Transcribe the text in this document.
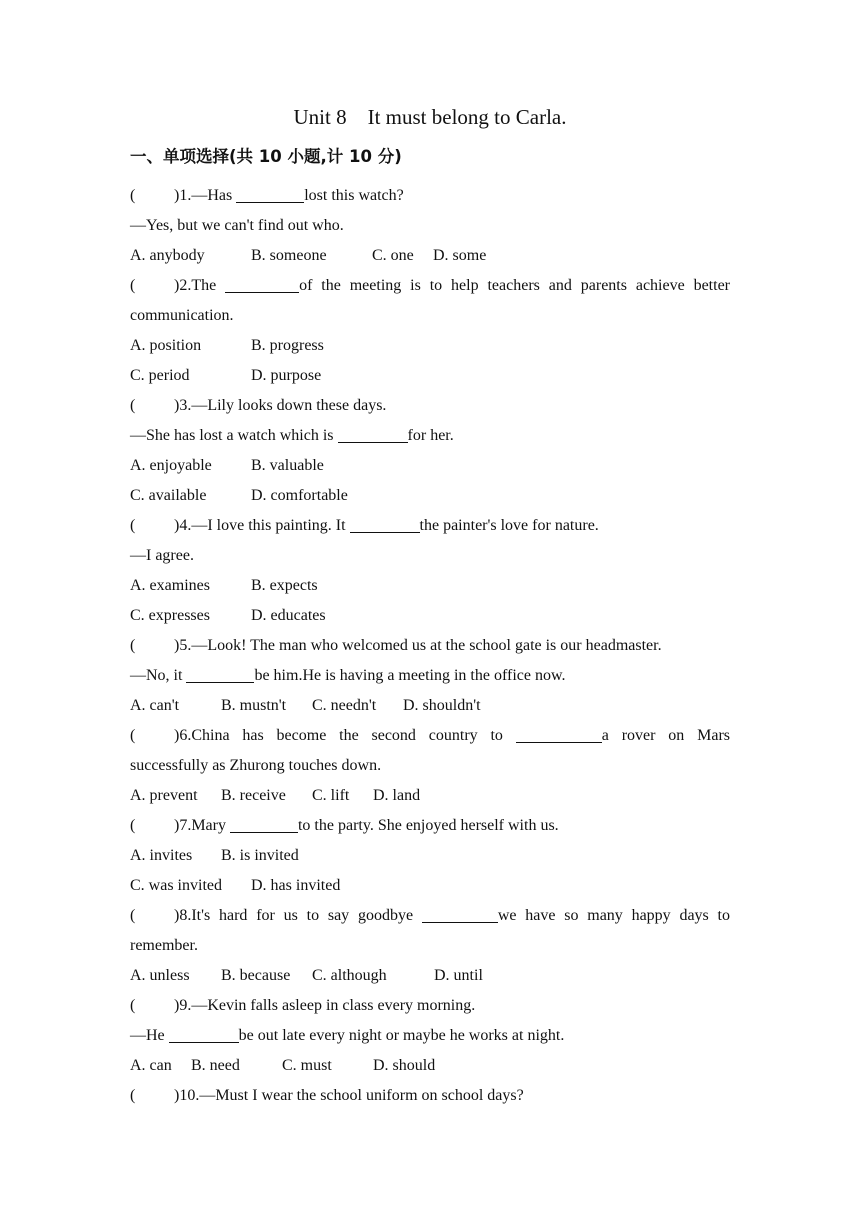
Unit 8    It must belong to Carla.
一、单项选择(共 10 小题,计 10 分)
( )1.—Has	lost this watch?
—Yes, but we can't find out who.
A. anybody	B. someone	C. one D. some
( )2.The	of the meeting is to help teachers and parents achieve better
communication.
A. position	B. progress
C. period	D. purpose
( )3.—Lily looks down these days.
—She has lost a watch which is	for her.
A. enjoyable B. valuable
C. available	D. comfortable
( )4.—I love this painting. It	the painter's love for nature.
—I agree.
A. examines	B. expects
C. expresses	D. educates
( )5.—Look! The man who welcomed us at the school gate is our headmaster.
—No, it	be him.He is having a meeting in the office now.
A. can't	B. mustn't C. needn't D. shouldn't
( )6.China has become the second country to	a rover on Mars
successfully as Zhurong touches down.
A. prevent B. receive C. lift D. land
( )7.Mary	to the party. She enjoyed herself with us.
A. invites B. is invited
C. was invited D. has invited
( )8.It's hard for us to say goodbye	we have so many happy days to
remember.
A. unless B. because C. although	D. until
( )9.—Kevin falls asleep in class every morning.
—He	be out late every night or maybe he works at night.
A. can B. need	C. must	D. should
( )10.—Must I wear the school uniform on school days?
